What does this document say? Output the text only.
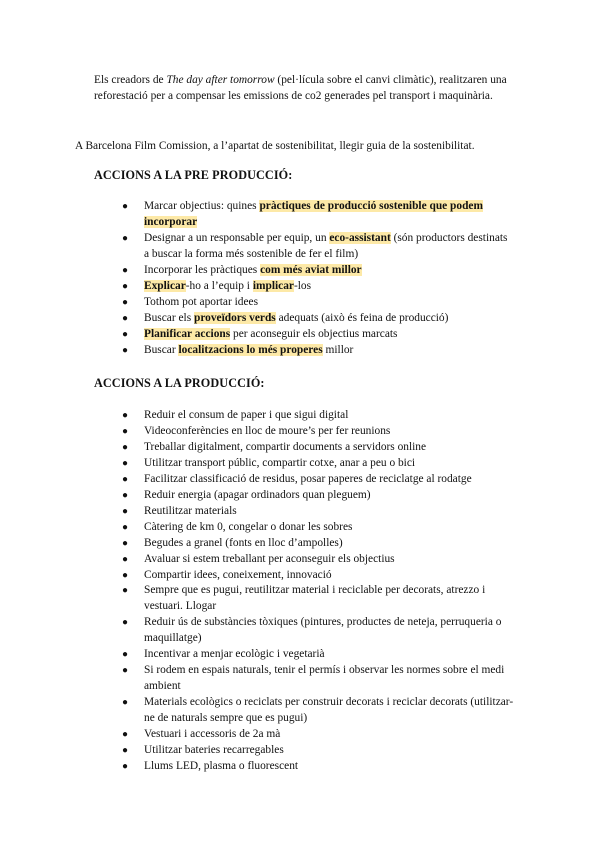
Els creadors de The day after tomorrow (pel·lícula sobre el canvi climàtic), realitzaren una reforestació per a compensar les emissions de co2 generades pel transport i maquinària.

A Barcelona Film Comission, a l’apartat de sostenibilitat, llegir guia de la sostenibilitat.

ACCIONS A LA PRE PRODUCCIÓ:
● Marcar objectius: quines pràctiques de producció sostenible que podem incorporar
● Designar a un responsable per equip, un eco-assistant (són productors destinats a buscar la forma més sostenible de fer el film)
● Incorporar les pràctiques com més aviat millor
● Explicar-ho a l’equip i implicar-los
● Tothom pot aportar idees
● Buscar els proveïdors verds adequats (això és feina de producció)
● Planificar accions per aconseguir els objectius marcats
● Buscar localitzacions lo més properes millor
ACCIONS A LA PRODUCCIÓ:
● Reduir el consum de paper i que sigui digital
● Videoconferències en lloc de moure’s per fer reunions
● Treballar digitalment, compartir documents a servidors online
● Utilitzar transport públic, compartir cotxe, anar a peu o bici
● Facilitzar classificació de residus, posar paperes de reciclatge al rodatge
● Reduir energia (apagar ordinadors quan pleguem)
● Reutilitzar materials
● Càtering de km 0, congelar o donar les sobres
● Begudes a granel (fonts en lloc d’ampolles)
● Avaluar si estem treballant per aconseguir els objectius
● Compartir idees, coneixement, innovació
● Sempre que es pugui, reutilitzar material i reciclable per decorats, atrezzo i vestuari. Llogar
● Reduir ús de substàncies tòxiques (pintures, productes de neteja, perruqueria o maquillatge)
● Incentivar a menjar ecològic i vegetarià
● Si rodem en espais naturals, tenir el permís i observar les normes sobre el medi ambient
● Materials ecològics o reciclats per construir decorats i reciclar decorats (utilitzar-ne de naturals sempre que es pugui)
● Vestuari i accessoris de 2a mà
● Utilitzar bateries recarregables
● Llums LED, plasma o fluorescent
